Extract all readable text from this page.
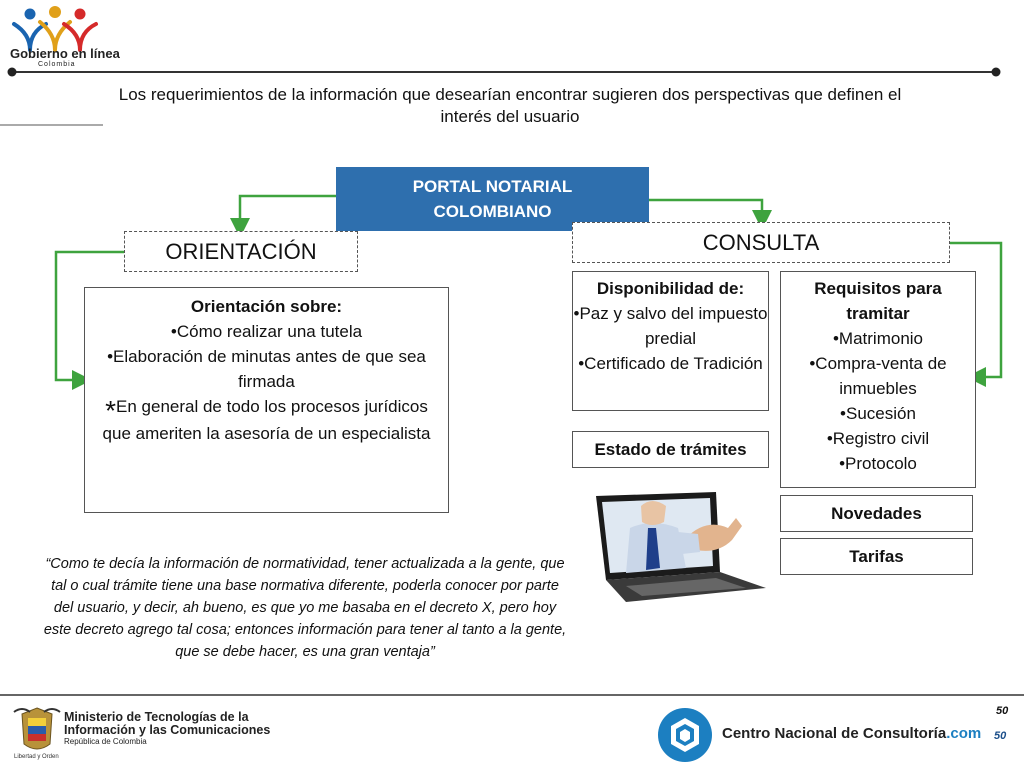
Gobierno en línea
Colombia
Los requerimientos de la información que desearían encontrar sugieren dos perspectivas que definen el interés del usuario
PORTAL NOTARIAL COLOMBIANO
ORIENTACIÓN
Orientación sobre:
•Cómo realizar una tutela
•Elaboración de minutas antes de que sea firmada
*En general de todo los procesos jurídicos que ameriten la asesoría de un especialista
CONSULTA
Disponibilidad de:
•Paz y salvo del impuesto predial
•Certificado de Tradición
Requisitos para tramitar
•Matrimonio
•Compra-venta de inmuebles
•Sucesión
•Registro civil
•Protocolo
Estado de trámites
Novedades
Tarifas
“Como te decía la información de normatividad, tener actualizada a la gente, que tal o cual trámite tiene una base normativa diferente, poderla conocer por parte del usuario, y decir, ah bueno, es que yo me basaba en el decreto X, pero hoy este decreto agrego tal cosa; entonces información para tener al tanto a la gente, que se debe hacer, es una gran ventaja”
50
Libertad y Orden
Ministerio de Tecnologías de la
Información y las Comunicaciones
República de Colombia	Centro Nacional de Consultoría.com 50
